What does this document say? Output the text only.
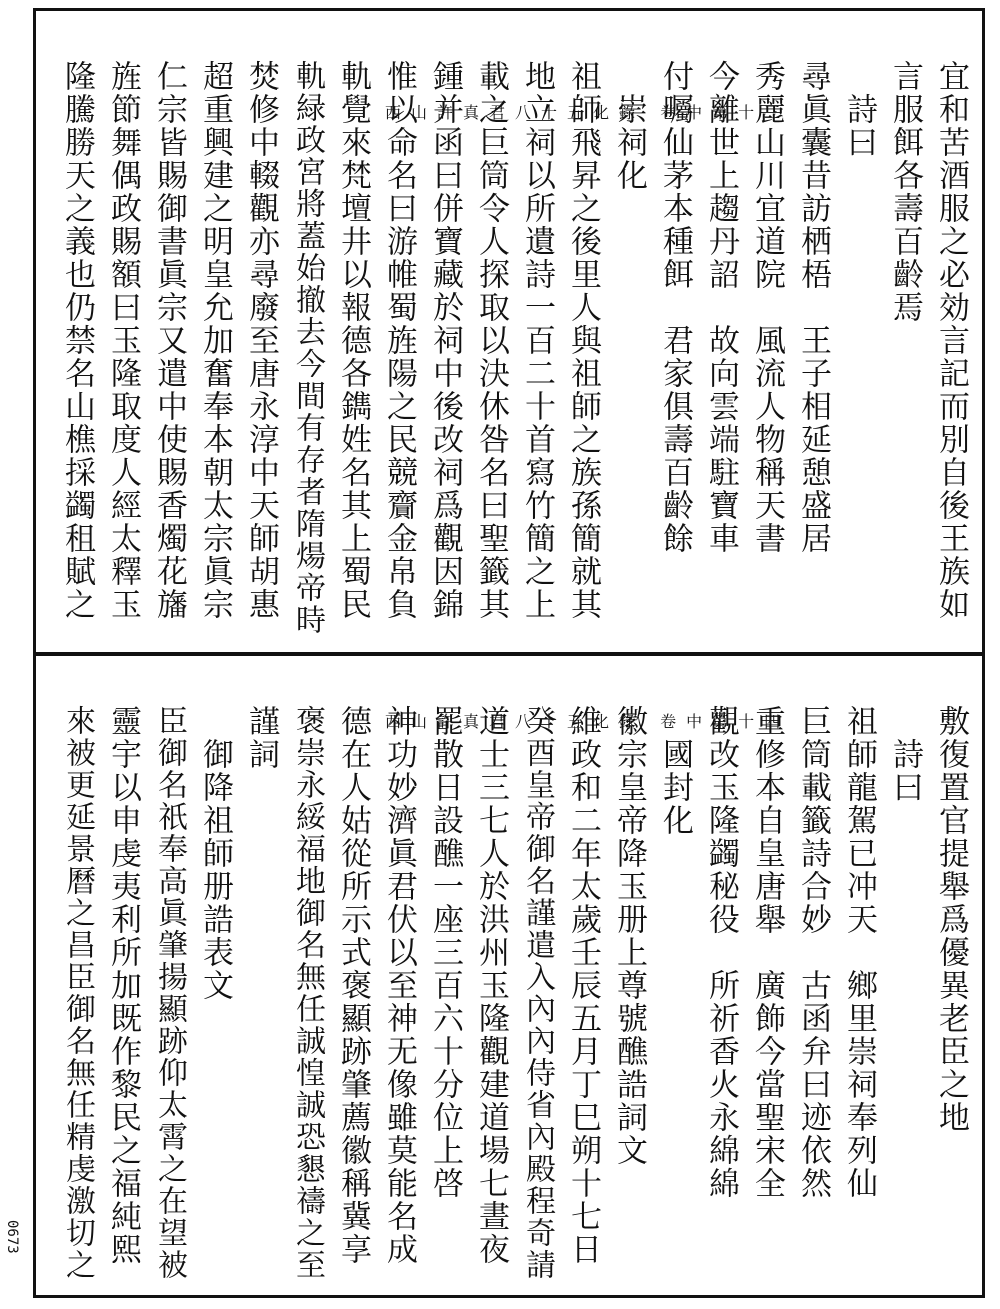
西山許真君八十五化錄 卷中第十三	宜和苦酒服之必効言記而別自後王族如
言服餌各壽百齡焉
　詩曰
尋眞囊昔訪栖梧　王子相延憩盛居
秀麗山川宜道院　風流人物稱天書
今離世上趨丹詔　故向雲端駐寶車
付囑仙茅本種餌　君家俱壽百齡餘
　崇祠化
祖師飛昇之後里人與祖師之族孫簡就其
地立祠以所遺詩一百二十首寫竹簡之上
載之巨筒令人探取以決休咎名曰聖籤其
鍾并函曰併寶藏於祠中後改祠爲觀因錦
惟以命名曰游帷蜀旌陽之民競齎金帛負
軌覺來梵壇井以報德各鐫姓名其上蜀民
軌緑政宮將蓋始撤去今間有存者隋煬帝時
焚修中輟觀亦尋廢至唐永淳中天師胡惠
超重興建之明皇允加奮奉本朝太宗眞宗
仁宗皆賜御書眞宗又遣中使賜香燭花旛
旌節舞偶政賜額曰玉隆取度人經太釋玉
隆騰勝天之義也仍禁名山樵採蠲租賦之
西山許真君八十五化錄 卷中第十四	敷復置官提舉爲優異老臣之地
　詩曰
祖師龍駕已冲天　鄉里崇祠奉列仙
巨筒載籤詩合妙　古函弁曰迹依然
重修本自皇唐舉　廣飾今當聖宋全
觀改玉隆蠲秘役　所祈香火永綿綿
　國封化
徽宗皇帝降玉册上尊號醮誥詞文
維政和二年太歲壬辰五月丁巳朔十七日
癸酉皇帝御名謹遣入內內侍省內殿程奇請
道士三七人於洪州玉隆觀建道場七晝夜
罷散日設醮一座三百六十分位上啓
神功妙濟眞君伏以至神无像雖莫能名成
德在人姑從所示式褒顯跡肇薦徽稱冀享
褒崇永綏福地御名無任誠惶誠恐懇禱之至
謹詞
　御降祖師册誥表文
臣御名祇奉高眞肇揚顯跡仰太霄之在望被
靈宇以申虔夷利所加既作黎民之福純熙
來被更延景曆之昌臣御名無任精虔激切之
0673
